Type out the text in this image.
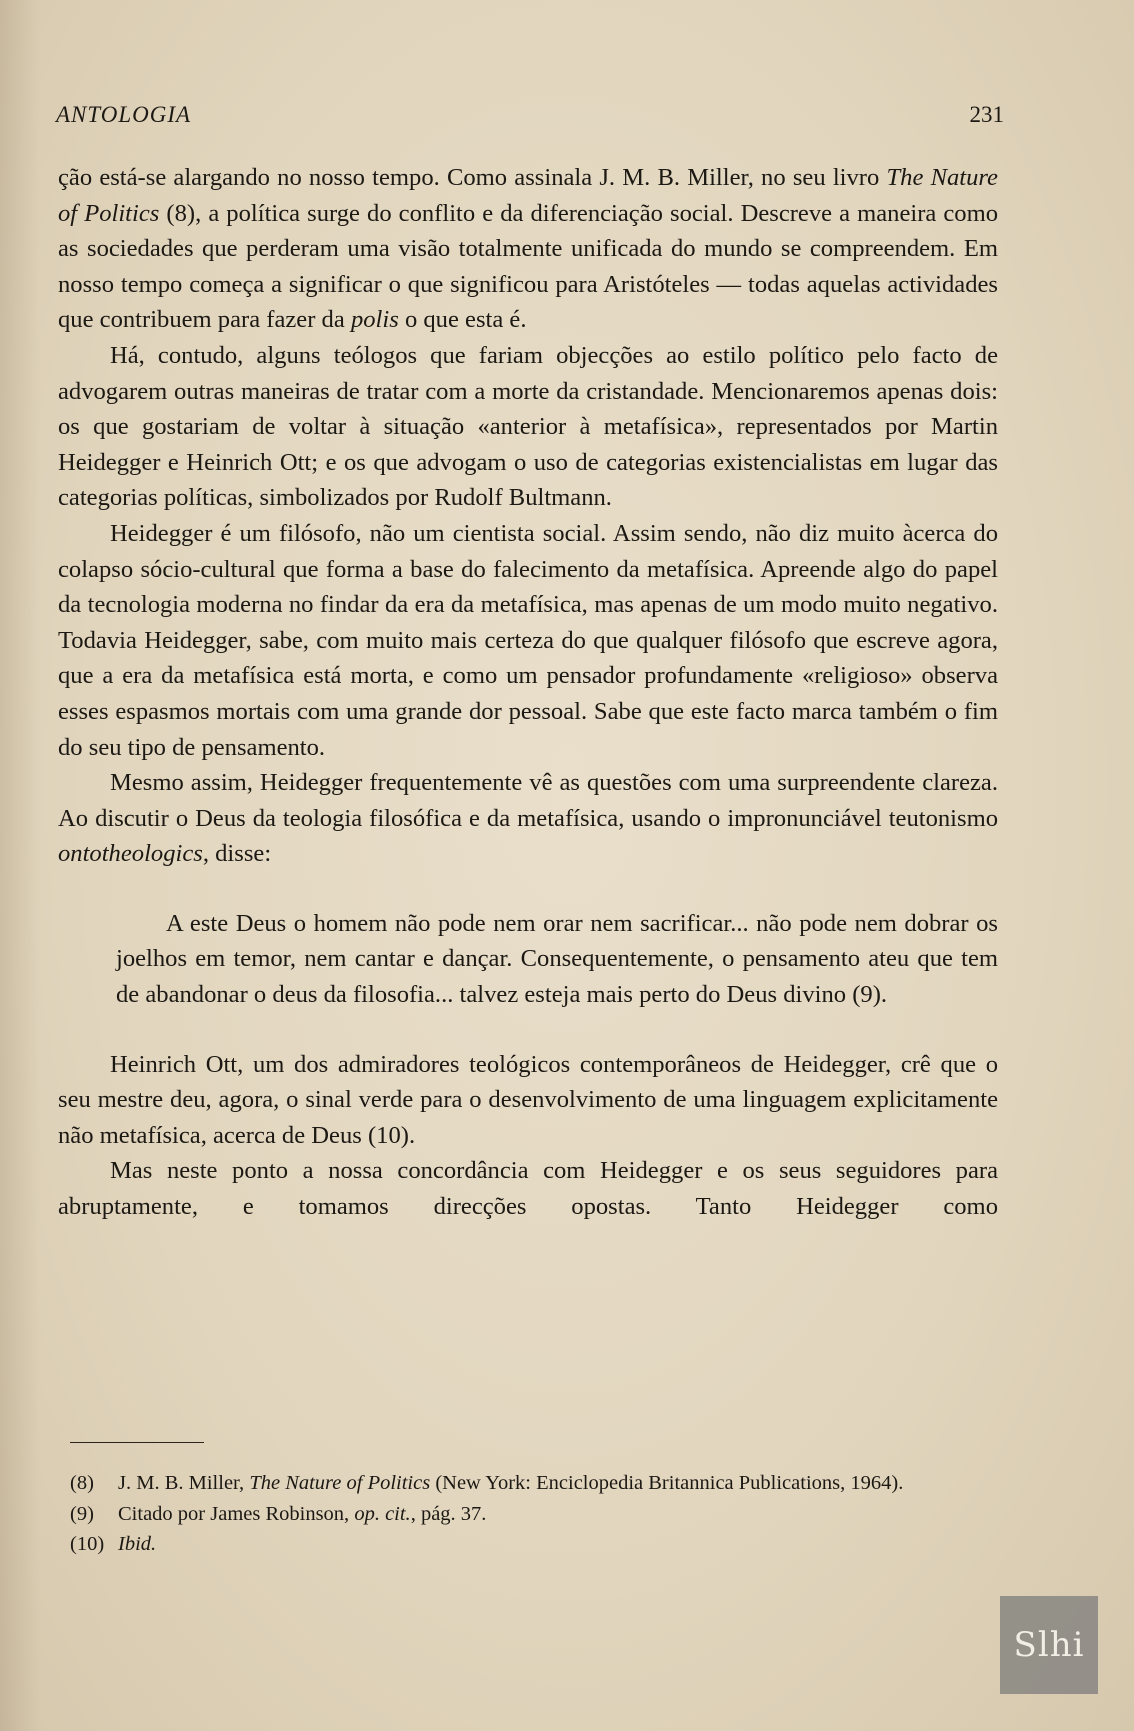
ANTOLOGIA	231

ção está-se alargando no nosso tempo. Como assinala J. M. B. Miller, no seu livro The Nature of Politics (8), a política surge do conflito e da diferenciação social. Descreve a maneira como as sociedades que perderam uma visão totalmente unificada do mundo se compreendem. Em nosso tempo começa a significar o que significou para Aristóteles — todas aquelas actividades que contribuem para fazer da polis o que esta é.

Há, contudo, alguns teólogos que fariam objecções ao estilo político pelo facto de advogarem outras maneiras de tratar com a morte da cristandade. Mencionaremos apenas dois: os que gostariam de voltar à situação «anterior à metafísica», representados por Martin Heidegger e Heinrich Ott; e os que advogam o uso de categorias existencialistas em lugar das categorias políticas, simbolizados por Rudolf Bultmann.

Heidegger é um filósofo, não um cientista social. Assim sendo, não diz muito àcerca do colapso sócio-cultural que forma a base do falecimento da metafísica. Apreende algo do papel da tecnologia moderna no findar da era da metafísica, mas apenas de um modo muito negativo. Todavia Heidegger, sabe, com muito mais certeza do que qualquer filósofo que escreve agora, que a era da metafísica está morta, e como um pensador profundamente «religioso» observa esses espasmos mortais com uma grande dor pessoal. Sabe que este facto marca também o fim do seu tipo de pensamento.

Mesmo assim, Heidegger frequentemente vê as questões com uma surpreendente clareza. Ao discutir o Deus da teologia filosófica e da metafísica, usando o impronunciável teutonismo ontotheologics, disse:

A este Deus o homem não pode nem orar nem sacrificar... não pode nem dobrar os joelhos em temor, nem cantar e dançar. Consequentemente, o pensamento ateu que tem de abandonar o deus da filosofia... talvez esteja mais perto do Deus divino (9).

Heinrich Ott, um dos admiradores teológicos contemporâneos de Heidegger, crê que o seu mestre deu, agora, o sinal verde para o desenvolvimento de uma linguagem explicitamente não metafísica, acerca de Deus (10).

Mas neste ponto a nossa concordância com Heidegger e os seus seguidores para abruptamente, e tomamos direcções opostas. Tanto Heidegger como

(8)	J. M. B. Miller, The Nature of Politics (New York: Enciclopedia Britannica Publications, 1964).
(9)	Citado por James Robinson, op. cit., pág. 37.
(10) Ibid.
Slhi
